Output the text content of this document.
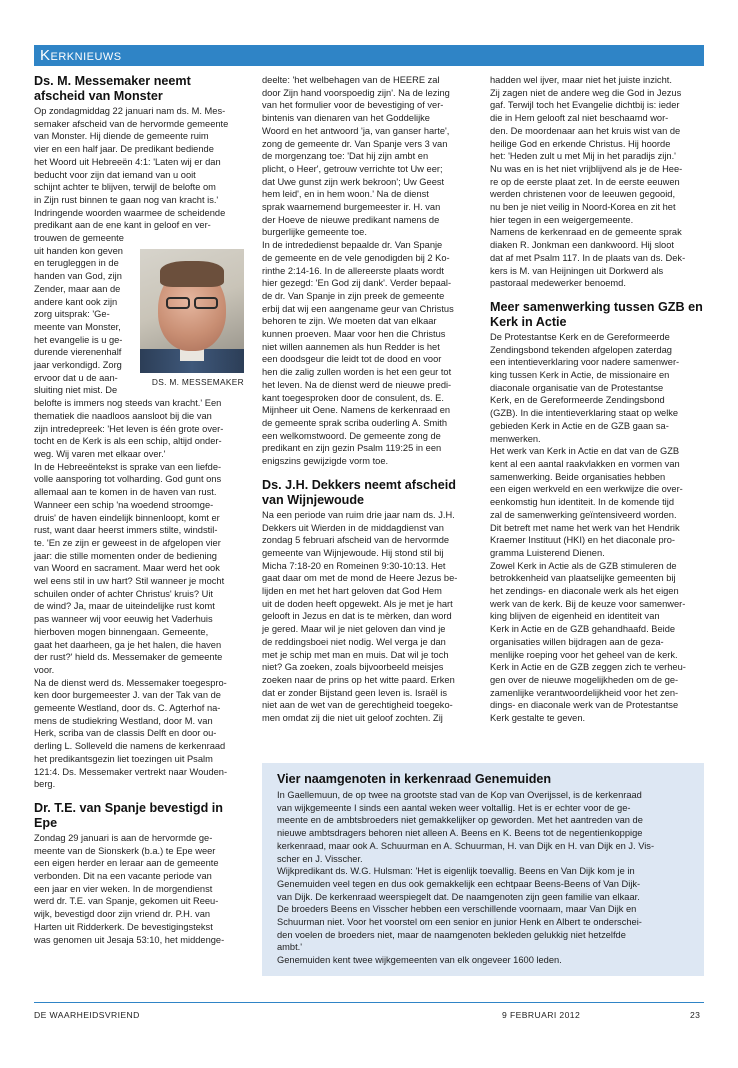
Kerknieuws
Ds. M. Messemaker neemt afscheid van Monster
Op zondagmiddag 22 januari nam ds. M. Mes-
semaker afscheid van de hervormde gemeente
van Monster. Hij diende de gemeente ruim
vier en een half jaar. De predikant bediende
het Woord uit Hebreeën 4:1: 'Laten wij er dan
beducht voor zijn dat iemand van u ooit
schijnt achter te blijven, terwijl de belofte om
in Zijn rust binnen te gaan nog van kracht is.'
Indringende woorden waarmee de scheidende
predikant aan de ene kant in geloof en ver-
trouwen de gemeente
uit handen kon geven
en terugleggen in de
handen van God, zijn
Zender, maar aan de
andere kant ook zijn
zorg uitsprak: 'Ge-
meente van Monster,
het evangelie is u ge-
durende vierenenhalf
jaar verkondigd. Zorg
ervoor dat u de aan-
sluiting niet mist. De
DS. M. MESSEMAKER
belofte is immers nog steeds van kracht.' Een
thematiek die naadloos aansloot bij die van
zijn intredepreek: 'Het leven is één grote over-
tocht en de Kerk is als een schip, altijd onder-
weg. Wij varen met elkaar over.'
In de Hebreeëntekst is sprake van een liefde-
volle aansporing tot volharding. God gunt ons
allemaal aan te komen in de haven van rust.
Wanneer een schip 'na woedend stroomge-
druis' de haven eindelijk binnenloopt, komt er
rust, want daar heerst immers stilte, windstil-
te. 'En ze zijn er geweest in de afgelopen vier
jaar: die stille momenten onder de bediening
van Woord en sacrament. Maar werd het ook
wel eens stil in uw hart? Stil wanneer je mocht
schuilen onder of achter Christus' kruis? Uit
de wind? Ja, maar de uiteindelijke rust komt
pas wanneer wij voor eeuwig het Vaderhuis
hierboven mogen binnengaan. Gemeente,
gaat het daarheen, ga je het halen, die haven
der rust?' hield ds. Messemaker de gemeente
voor.
Na de dienst werd ds. Messemaker toegespro-
ken door burgemeester J. van der Tak van de
gemeente Westland, door ds. C. Agterhof na-
mens de studiekring Westland, door M. van
Herk, scriba van de classis Delft en door ou-
derling L. Solleveld die namens de kerkenraad
het predikantsgezin liet toezingen uit Psalm
121:4. Ds. Messemaker vertrekt naar Wouden-
berg.
Dr. T.E. van Spanje bevestigd in Epe
Zondag 29 januari is aan de hervormde ge-
meente van de Sionskerk (b.a.) te Epe weer
een eigen herder en leraar aan de gemeente
verbonden. Dit na een vacante periode van
een jaar en vier weken. In de morgendienst
werd dr. T.E. van Spanje, gekomen uit Reeu-
wijk, bevestigd door zijn vriend dr. P.H. van
Harten uit Ridderkerk. De bevestigingstekst
was genomen uit Jesaja 53:10, het middenge-
deelte: 'het welbehagen van de HEERE zal
door Zijn hand voorspoedig zijn'. Na de lezing
van het formulier voor de bevestiging of ver-
bintenis van dienaren van het Goddelijke
Woord en het antwoord 'ja, van ganser harte',
zong de gemeente dr. Van Spanje vers 3 van
de morgenzang toe: 'Dat hij zijn ambt en
plicht, o Heer', getrouw verrichte tot Uw eer;
dat Uwe gunst zijn werk bekroon'; Uw Geest
hem leid', en in hem woon.' Na de dienst
sprak waarnemend burgemeester ir. H. van
der Hoeve de nieuwe predikant namens de
burgerlijke gemeente toe.
In de intrededienst bepaalde dr. Van Spanje
de gemeente en de vele genodigden bij 2 Ko-
rinthe 2:14-16. In de allereerste plaats wordt
hier gezegd: 'En God zij dank'. Verder bepaal-
de dr. Van Spanje in zijn preek de gemeente
erbij dat wij een aangename geur van Christus
behoren te zijn. We moeten dat van elkaar
kunnen proeven. Maar voor hen die Christus
niet willen aannemen als hun Redder is het
een doodsgeur die leidt tot de dood en voor
hen die zalig zullen worden is het een geur tot
het leven. Na de dienst werd de nieuwe predi-
kant toegesproken door de consulent, ds. E.
Mijnheer uit Oene. Namens de kerkenraad en
de gemeente sprak scriba ouderling A. Smith
een welkomstwoord. De gemeente zong de
predikant en zijn gezin Psalm 119:25 in een
enigszins gewijzigde vorm toe.
Ds. J.H. Dekkers neemt afscheid van Wijnjewoude
Na een periode van ruim drie jaar nam ds. J.H.
Dekkers uit Wierden in de middagdienst van
zondag 5 februari afscheid van de hervormde
gemeente van Wijnjewoude. Hij stond stil bij
Micha 7:18-20 en Romeinen 9:30-10:13. Het
gaat daar om met de mond de Heere Jezus be-
lijden en met het hart geloven dat God Hem
uit de doden heeft opgewekt. Als je met je hart
gelooft in Jezus en dat is te mèrken, dan word
je gered. Maar wil je niet geloven dan vind je
de reddingsboei niet nodig. Wel verga je dan
met je schip met man en muis. Dat wil je toch
niet? Ga zoeken, zoals bijvoorbeeld meisjes
zoeken naar de prins op het witte paard. Erken
dat er zonder Bijstand geen leven is. Israël is
niet aan de wet van de gerechtigheid toegeko-
men omdat zij die niet uit geloof zochten. Zij
hadden wel ijver, maar niet het juiste inzicht.
Zij zagen niet de andere weg die God in Jezus
gaf. Terwijl toch het Evangelie dichtbij is: ieder
die in Hem gelooft zal niet beschaamd wor-
den. De moordenaar aan het kruis wist van de
heilige God en erkende Christus. Hij hoorde
het: 'Heden zult u met Mij in het paradijs zijn.'
Nu was en is het niet vrijblijvend als je de Hee-
re op de eerste plaat zet. In de eerste eeuwen
werden christenen voor de leeuwen gegooid,
nu ben je niet veilig in Noord-Korea en zit het
hier tegen in een weigergemeente.
Namens de kerkenraad en de gemeente sprak
diaken R. Jonkman een dankwoord. Hij sloot
dat af met Psalm 117. In de plaats van ds. Dek-
kers is M. van Heijningen uit Dorkwerd als
pastoraal medewerker benoemd.
Meer samenwerking tussen GZB en Kerk in Actie
De Protestantse Kerk en de Gereformeerde
Zendingsbond tekenden afgelopen zaterdag
een intentieverklaring voor nadere samenwer-
king tussen Kerk in Actie, de missionaire en
diaconale organisatie van de Protestantse
Kerk, en de Gereformeerde Zendingsbond
(GZB). In die intentieverklaring staat op welke
gebieden Kerk in Actie en de GZB gaan sa-
menwerken.
Het werk van Kerk in Actie en dat van de GZB
kent al een aantal raakvlakken en vormen van
samenwerking. Beide organisaties hebben
een eigen werkveld en een werkwijze die over-
eenkomstig hun identiteit. In de komende tijd
zal de samenwerking geïntensiveerd worden.
Dit betreft met name het werk van het Hendrik
Kraemer Instituut (HKI) en het diaconale pro-
gramma Luisterend Dienen.
Zowel Kerk in Actie als de GZB stimuleren de
betrokkenheid van plaatselijke gemeenten bij
het zendings- en diaconale werk als het eigen
werk van de kerk. Bij de keuze voor samenwer-
king blijven de eigenheid en identiteit van
Kerk in Actie en de GZB gehandhaafd. Beide
organisaties willen bijdragen aan de geza-
menlijke roeping voor het geheel van de kerk.
Kerk in Actie en de GZB zeggen zich te verheu-
gen over de nieuwe mogelijkheden om de ge-
zamenlijke verantwoordelijkheid voor het zen-
dings- en diaconale werk van de Protestantse
Kerk gestalte te geven.
Vier naamgenoten in kerkenraad Genemuiden
In Gaellemuun, de op twee na grootste stad van de Kop van Overijssel, is de kerkenraad
van wijkgemeente I sinds een aantal weken weer voltallig. Het is er echter voor de ge-
meente en de ambtsbroeders niet gemakkelijker op geworden. Met het aantreden van de
nieuwe ambtsdragers behoren niet alleen A. Beens en K. Beens tot de negentienkoppige
kerkenraad, maar ook A. Schuurman en A. Schuurman, H. van Dijk en H. van Dijk en J. Vis-
scher en J. Visscher.
Wijkpredikant ds. W.G. Hulsman: 'Het is eigenlijk toevallig. Beens en Van Dijk kom je in
Genemuiden veel tegen en dus ook gemakkelijk een echtpaar Beens-Beens of Van Dijk-
van Dijk. De kerkenraad weerspiegelt dat. De naamgenoten zijn geen familie van elkaar.
De broeders Beens en Visscher hebben een verschillende voornaam, maar Van Dijk en
Schuurman niet. Voor het voorstel om een senior en junior Henk en Albert te onderschei-
den voelen de broeders niet, maar de naamgenoten bekleden gelukkig niet hetzelfde
ambt.'
Genemuiden kent twee wijkgemeenten van elk ongeveer 1600 leden.
DE WAARHEIDSVRIEND	9 FEBRUARI 2012	23
